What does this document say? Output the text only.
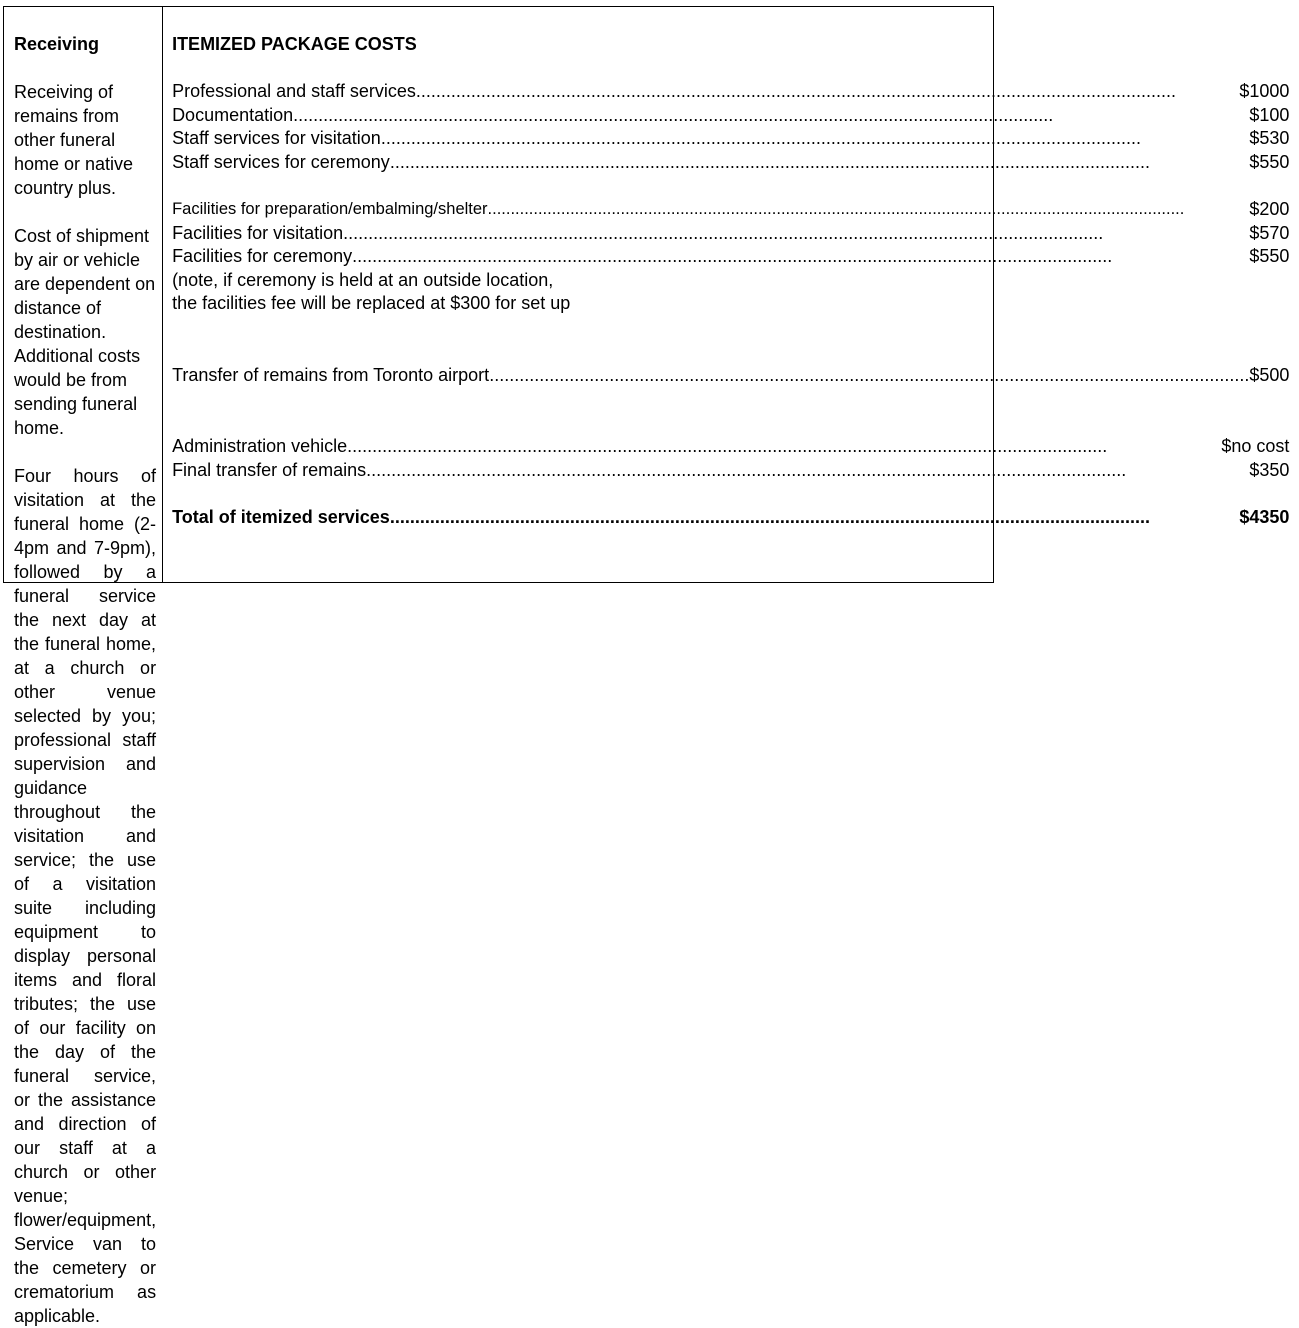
Receiving
Receiving of remains from other funeral home or native country plus.
Cost of shipment by air or vehicle are dependent on distance of destination. Additional costs would be from sending funeral home.
Four hours of visitation at the funeral home (2-4pm and 7-9pm), followed by a funeral service the next day at the funeral home, at a church or other venue selected by you; professional staff supervision and guidance throughout the visitation and service; the use of a visitation suite including equipment to display personal items and floral tributes; the use of our facility on the day of the funeral service, or the assistance and direction of our staff at a church or other venue; flower/equipment, Service van to the cemetery or crematorium as applicable.
ITEMIZED PACKAGE COSTS
Professional and staff services .....	$1000
Documentation .....	$100
Staff services for visitation .....	$530
Staff services for ceremony .....	$550
Facilities for preparation/embalming/shelter .....	$200
Facilities for visitation .....	$570
Facilities for ceremony .....	$550
(note, if ceremony is held at an outside location,
the facilities fee will be replaced at $300 for set up
Transfer of remains from Toronto airport .....	$500
Administration vehicle .....	$no cost
Final transfer of remains .....	$350
Total of itemized services .....	$4350
